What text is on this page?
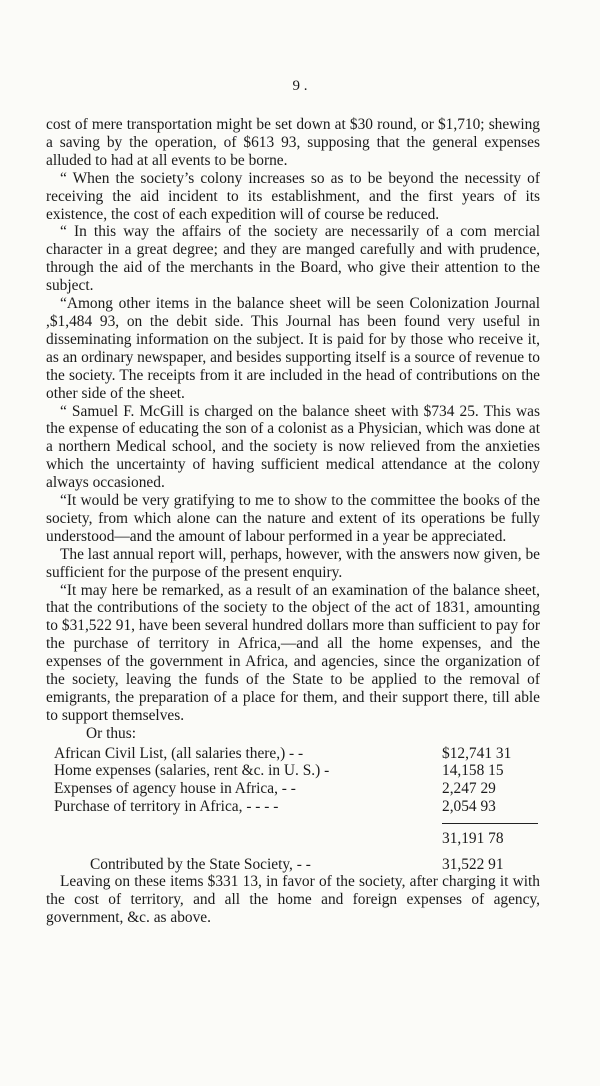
9 .

cost of mere transportation might be set down at $30 round, or $1,710; shewing a saving by the operation, of $613 93, supposing that the general expenses alluded to had at all events to be borne.

“ When the society’s colony increases so as to be beyond the necessity of receiving the aid incident to its establishment, and the first years of its existence, the cost of each expedition will of course be reduced.

“ In this way the affairs of the society are necessarily of a com mercial character in a great degree; and they are manged carefully and with prudence, through the aid of the merchants in the Board, who give their attention to the subject.

“Among other items in the balance sheet will be seen Colonization Journal ,$1,484 93, on the debit side. This Journal has been found very useful in disseminating information on the subject. It is paid for by those who receive it, as an ordinary newspaper, and besides supporting itself is a source of revenue to the society. The receipts from it are included in the head of contributions on the other side of the sheet.

“ Samuel F. McGill is charged on the balance sheet with $734 25. This was the expense of educating the son of a colonist as a Physician, which was done at a northern Medical school, and the society is now relieved from the anxieties which the uncertainty of having sufficient medical attendance at the colony always occasioned.

“It would be very gratifying to me to show to the committee the books of the society, from which alone can the nature and extent of its operations be fully understood—and the amount of labour performed in a year be appreciated.

The last annual report will, perhaps, however, with the answers now given, be sufficient for the purpose of the present enquiry.

“It may here be remarked, as a result of an examination of the balance sheet, that the contributions of the society to the object of the act of 1831, amounting to $31,522 91, have been several hundred dollars more than sufficient to pay for the purchase of territory in Africa,—and all the home expenses, and the expenses of the government in Africa, and agencies, since the organization of the society, leaving the funds of the State to be applied to the removal of emigrants, the preparation of a place for them, and their support there, till able to support themselves.

Or thus:

African Civil List, (all salaries there,) - -	$12,741 31
Home expenses (salaries, rent &c. in U. S.) -	14,158 15
Expenses of agency house in Africa, - -	2,247 29
Purchase of territory in Africa, - - - -	2,054 93
31,191 78
Contributed by the State Society, - -	31,522 91

Leaving on these items $331 13, in favor of the society, after charging it with the cost of territory, and all the home and foreign expenses of agency, government, &c. as above.
